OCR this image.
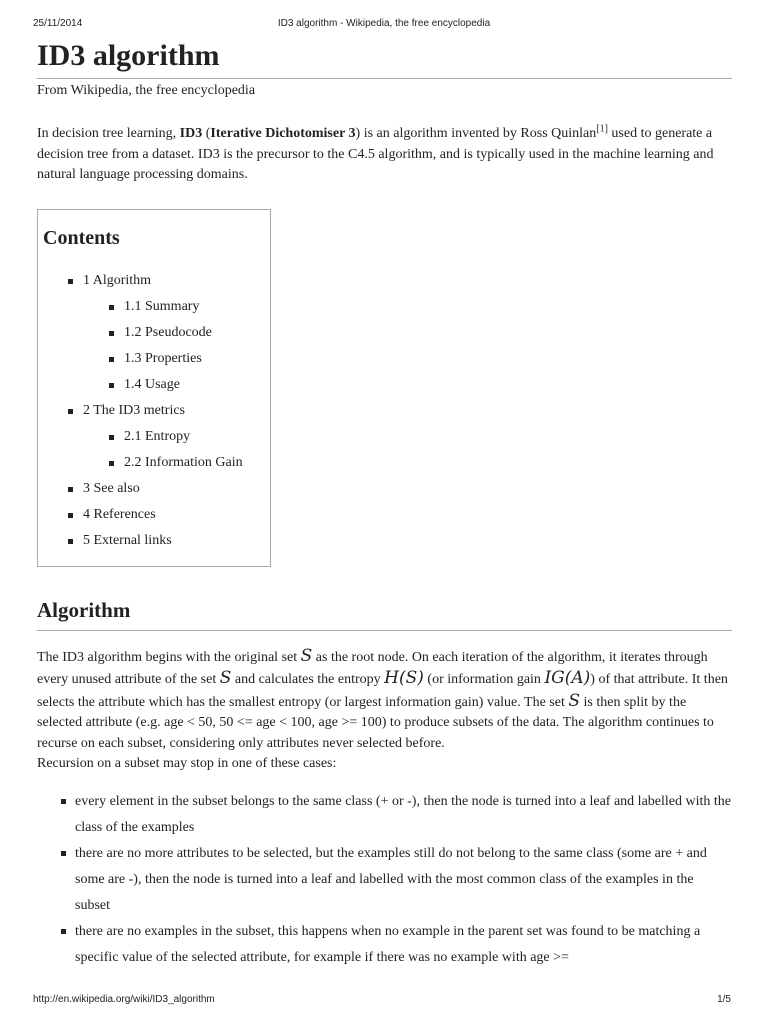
25/11/2014	ID3 algorithm - Wikipedia, the free encyclopedia
ID3 algorithm
From Wikipedia, the free encyclopedia

In decision tree learning, ID3 (Iterative Dichotomiser 3) is an algorithm invented by Ross Quinlan[1] used to generate a decision tree from a dataset. ID3 is the precursor to the C4.5 algorithm, and is typically used in the machine learning and natural language processing domains.

Contents
1 Algorithm
1.1 Summary
1.2 Pseudocode
1.3 Properties
1.4 Usage
2 The ID3 metrics
2.1 Entropy
2.2 Information Gain
3 See also
4 References
5 External links
Algorithm

The ID3 algorithm begins with the original set S as the root node. On each iteration of the algorithm, it iterates through every unused attribute of the set S and calculates the entropy H(S) (or information gain IG(A)) of that attribute. It then selects the attribute which has the smallest entropy (or largest information gain) value. The set S is then split by the selected attribute (e.g. age < 50, 50 <= age < 100, age >= 100) to produce subsets of the data. The algorithm continues to recurse on each subset, considering only attributes never selected before.

Recursion on a subset may stop in one of these cases:

every element in the subset belongs to the same class (+ or -), then the node is turned into a leaf and labelled with the class of the examples
there are no more attributes to be selected, but the examples still do not belong to the same class (some are + and some are -), then the node is turned into a leaf and labelled with the most common class of the examples in the subset
there are no examples in the subset, this happens when no example in the parent set was found to be matching a specific value of the selected attribute, for example if there was no example with age >=
http://en.wikipedia.org/wiki/ID3_algorithm	1/5
